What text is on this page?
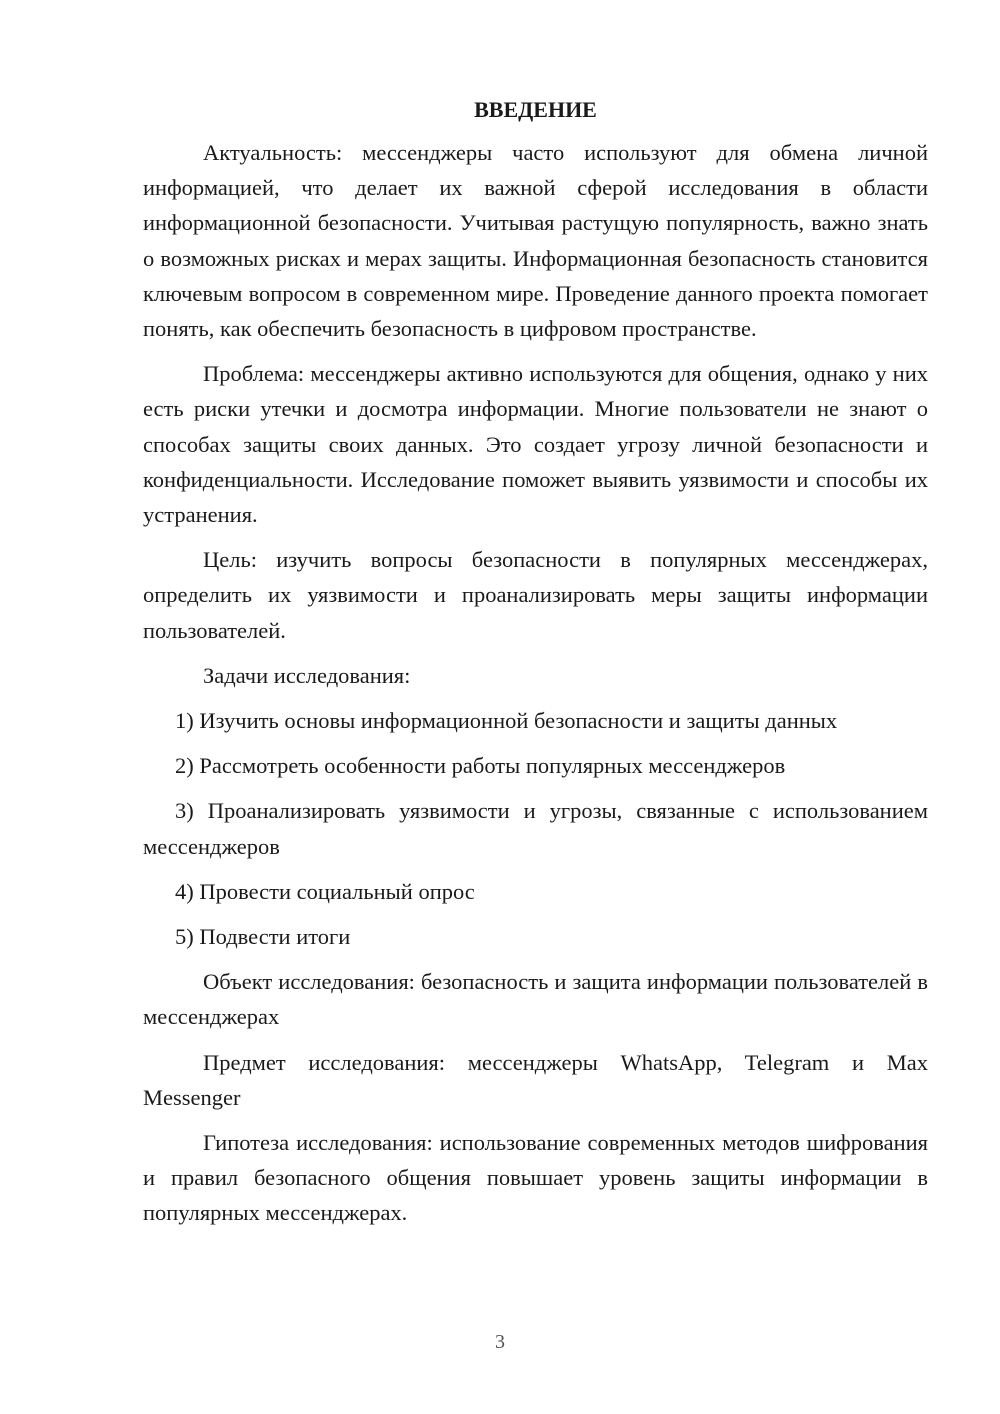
ВВЕДЕНИЕ

Актуальность: мессенджеры часто используют для обмена личной информацией, что делает их важной сферой исследования в области информационной безопасности. Учитывая растущую популярность, важно знать о возможных рисках и мерах защиты. Информационная безопасность становится ключевым вопросом в современном мире. Проведение данного проекта помогает понять, как обеспечить безопасность в цифровом пространстве.

Проблема: мессенджеры активно используются для общения, однако у них есть риски утечки и досмотра информации. Многие пользователи не знают о способах защиты своих данных. Это создает угрозу личной безопасности и конфиденциальности. Исследование поможет выявить уязвимости и способы их устранения.

Цель: изучить вопросы безопасности в популярных мессенджерах, определить их уязвимости и проанализировать меры защиты информации пользователей.

Задачи исследования:

1) Изучить основы информационной безопасности и защиты данных

2) Рассмотреть особенности работы популярных мессенджеров

3) Проанализировать уязвимости и угрозы, связанные с использованием мессенджеров

4) Провести социальный опрос

5) Подвести итоги

Объект исследования: безопасность и защита информации пользователей в мессенджерах

Предмет исследования: мессенджеры WhatsApp, Telegram и Max Messenger

Гипотеза исследования: использование современных методов шифрования и правил безопасного общения повышает уровень защиты информации в популярных мессенджерах.

3
